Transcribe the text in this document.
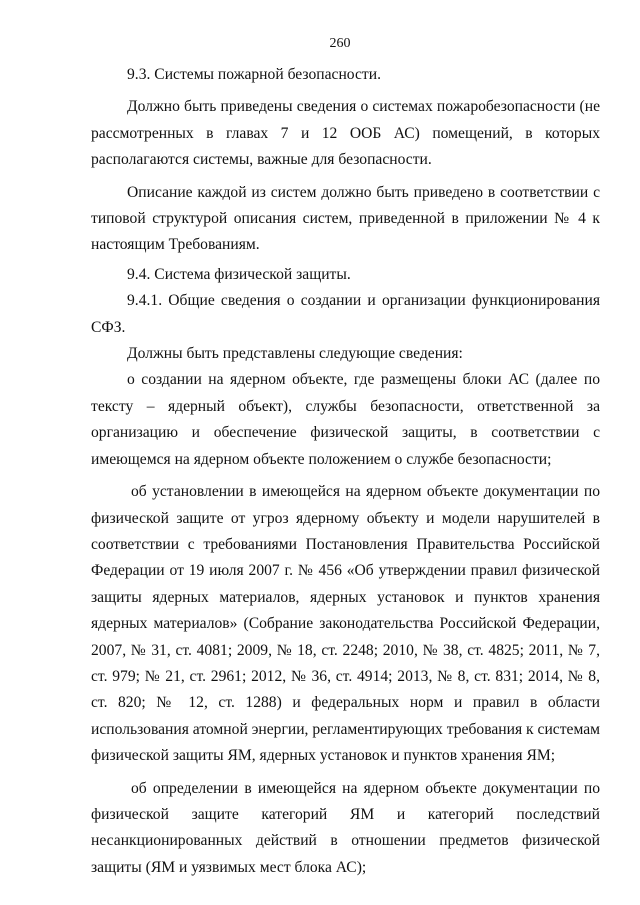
260

9.3. Системы пожарной безопасности.

Должно быть приведены сведения о системах пожаробезопасности (не рассмотренных в главах 7 и 12 ООБ АС) помещений, в которых располагаются системы, важные для безопасности.

Описание каждой из систем должно быть приведено в соответствии с типовой структурой описания систем, приведенной в приложении № 4 к настоящим Требованиям.

9.4. Система физической защиты.

9.4.1. Общие сведения о создании и организации функционирования СФЗ.

Должны быть представлены следующие сведения:

о создании на ядерном объекте, где размещены блоки АС (далее по тексту – ядерный объект), службы безопасности, ответственной за организацию и обеспечение физической защиты, в соответствии с имеющемся на ядерном объекте положением о службе безопасности;

об установлении в имеющейся на ядерном объекте документации по физической защите от угроз ядерному объекту и модели нарушителей в соответствии с требованиями Постановления Правительства Российской Федерации от 19 июля 2007 г. № 456 «Об утверждении правил физической защиты ядерных материалов, ядерных установок и пунктов хранения ядерных материалов» (Собрание законодательства Российской Федерации, 2007, № 31, ст. 4081; 2009, № 18, ст. 2248; 2010, № 38, ст. 4825; 2011, № 7, ст. 979; № 21, ст. 2961; 2012, № 36, ст. 4914; 2013, № 8, ст. 831; 2014, № 8, ст. 820; № 12, ст. 1288) и федеральных норм и правил в области использования атомной энергии, регламентирующих требования к системам физической защиты ЯМ, ядерных установок и пунктов хранения ЯМ;

об определении в имеющейся на ядерном объекте документации по физической защите категорий ЯМ и категорий последствий несанкционированных действий в отношении предметов физической защиты (ЯМ и уязвимых мест блока АС);
